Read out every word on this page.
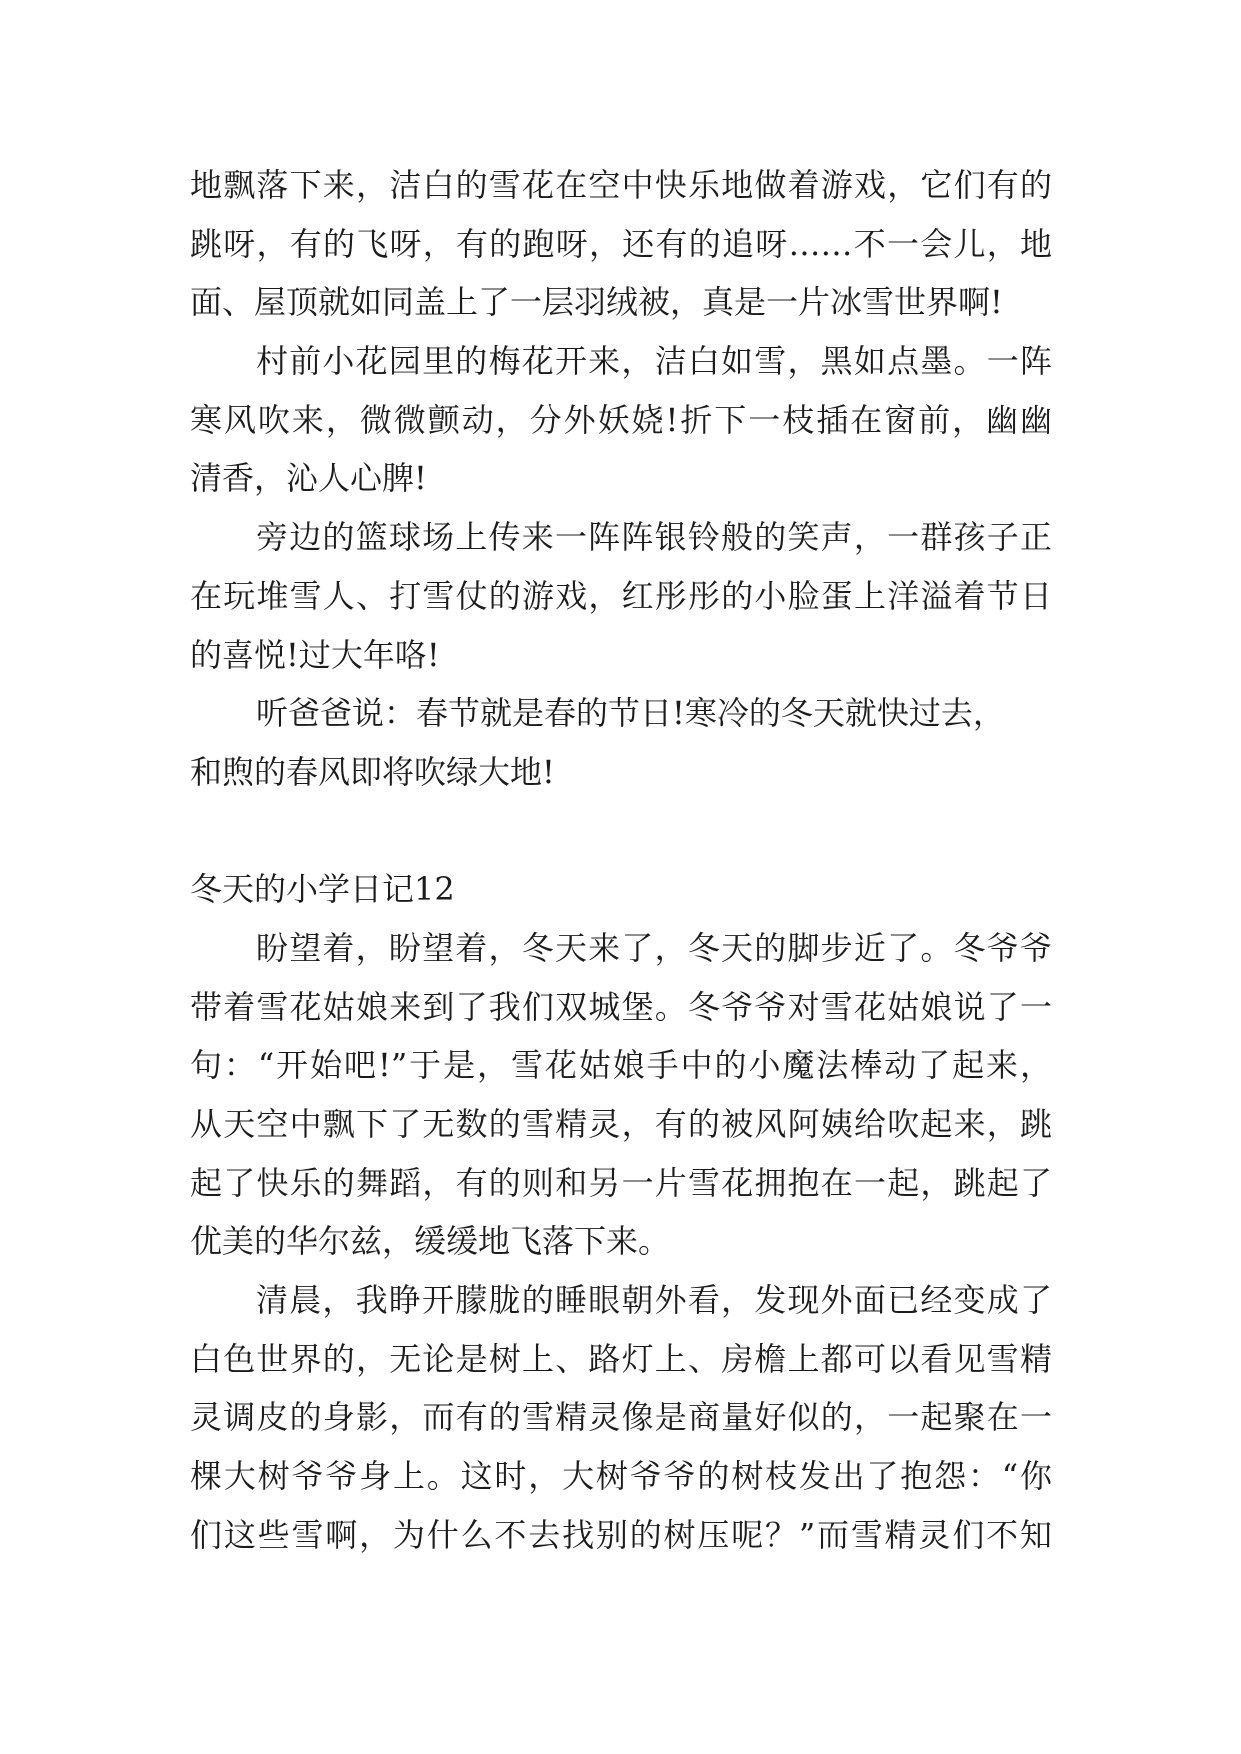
地飘落下来，洁白的雪花在空中快乐地做着游戏，它们有的
跳呀，有的飞呀，有的跑呀，还有的追呀……不一会儿，地
面、屋顶就如同盖上了一层羽绒被，真是一片冰雪世界啊!
村前小花园里的梅花开来，洁白如雪，黑如点墨。一阵
寒风吹来，微微颤动，分外妖娆!折下一枝插在窗前，幽幽
清香，沁人心脾!
旁边的篮球场上传来一阵阵银铃般的笑声，一群孩子正
在玩堆雪人、打雪仗的游戏，红彤彤的小脸蛋上洋溢着节日
的喜悦!过大年咯!
听爸爸说：春节就是春的节日!寒冷的冬天就快过去，
和煦的春风即将吹绿大地!
冬天的小学日记12
盼望着，盼望着，冬天来了，冬天的脚步近了。冬爷爷
带着雪花姑娘来到了我们双城堡。冬爷爷对雪花姑娘说了一
句：“开始吧!”于是，雪花姑娘手中的小魔法棒动了起来，
从天空中飘下了无数的雪精灵，有的被风阿姨给吹起来，跳
起了快乐的舞蹈，有的则和另一片雪花拥抱在一起，跳起了
优美的华尔兹，缓缓地飞落下来。
清晨，我睁开朦胧的睡眼朝外看，发现外面已经变成了
白色世界的，无论是树上、路灯上、房檐上都可以看见雪精
灵调皮的身影，而有的雪精灵像是商量好似的，一起聚在一
棵大树爷爷身上。这时，大树爷爷的树枝发出了抱怨：“你
们这些雪啊，为什么不去找别的树压呢？”而雪精灵们不知
